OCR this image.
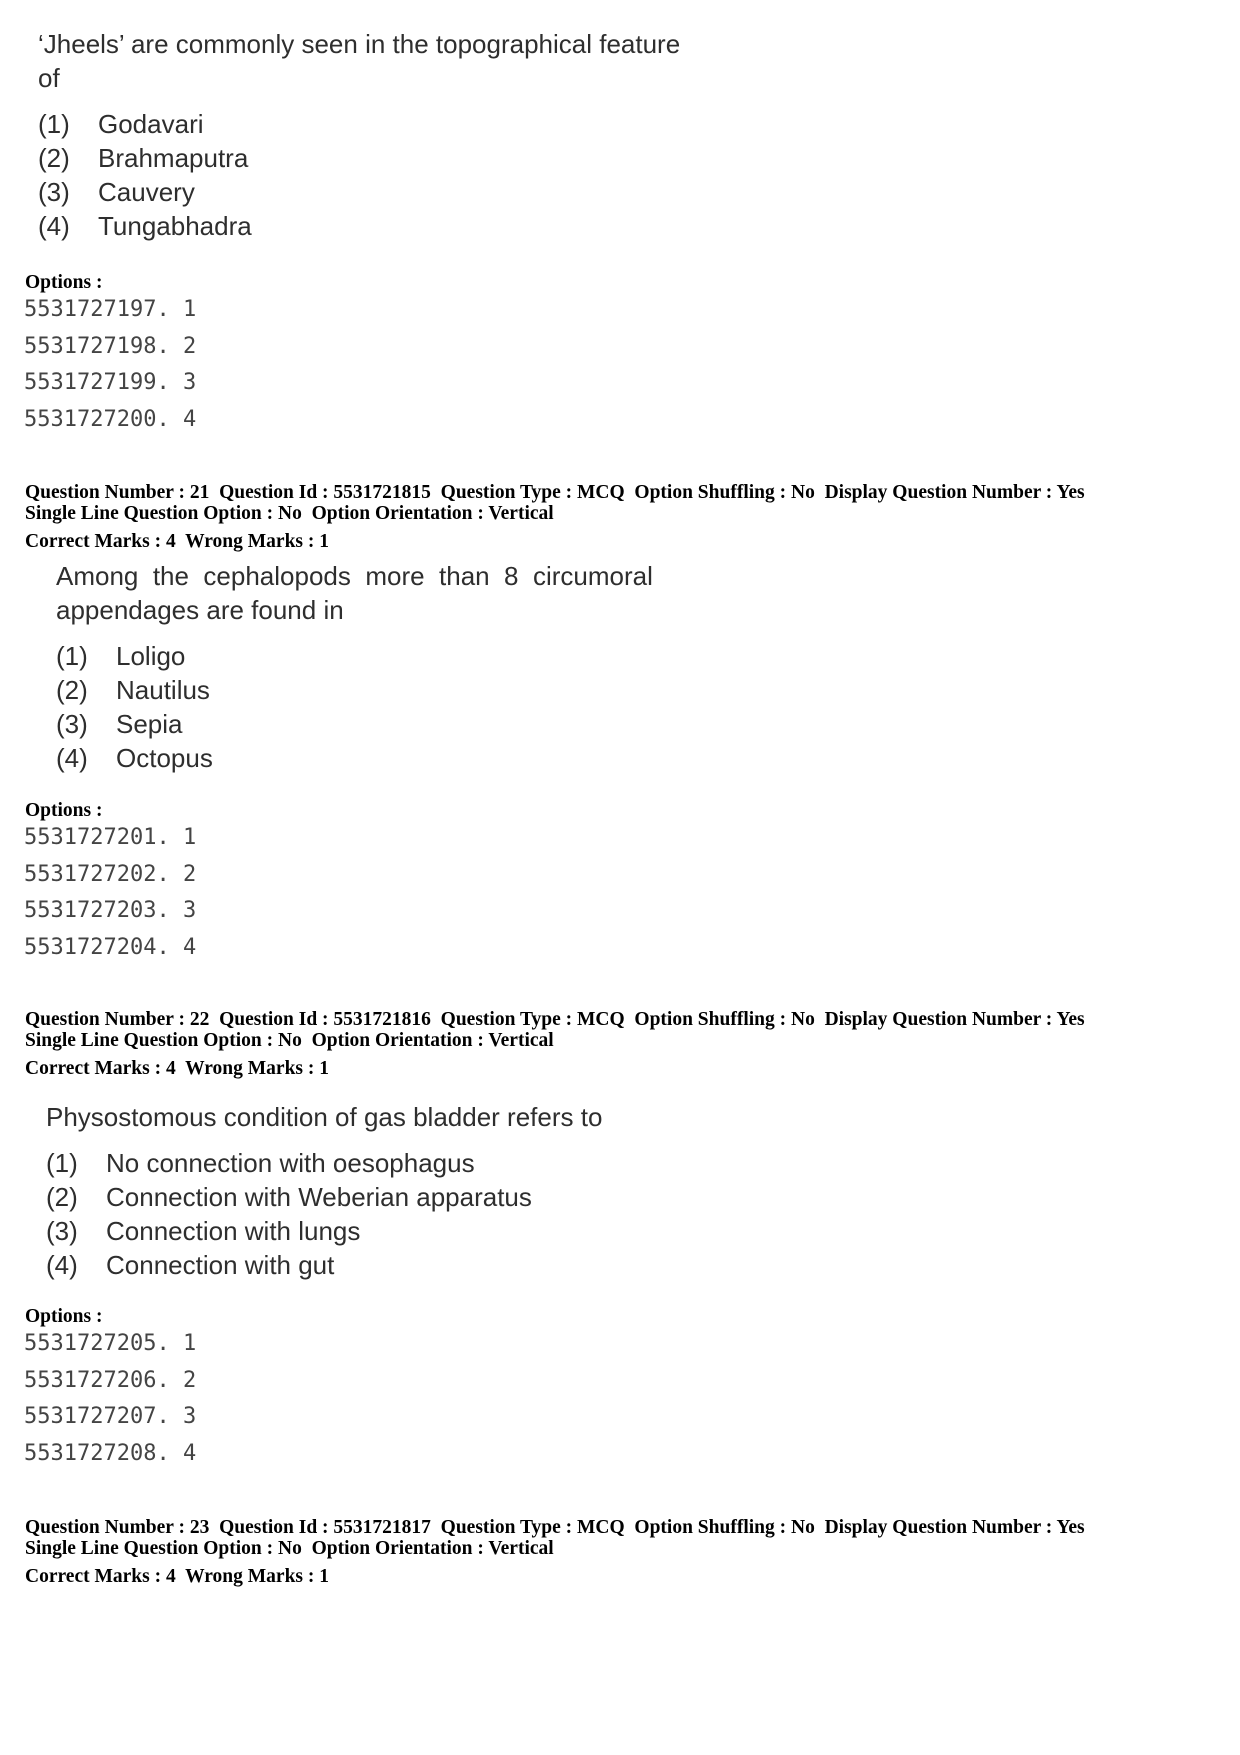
‘Jheels’ are commonly seen in the topographical feature
of
(1)	Godavari
(2)	Brahmaputra
(3)	Cauvery
(4)	Tungabhadra
Options :
5531727197. 1
5531727198. 2
5531727199. 3
5531727200. 4
Question Number : 21  Question Id : 5531721815  Question Type : MCQ  Option Shuffling : No  Display Question Number : Yes
Single Line Question Option : No  Option Orientation : Vertical
Correct Marks : 4  Wrong Marks : 1
Among  the  cephalopods  more  than  8  circumoral
appendages are found in
(1)	Loligo
(2)	Nautilus
(3)	Sepia
(4)	Octopus
Options :
5531727201. 1
5531727202. 2
5531727203. 3
5531727204. 4
Question Number : 22  Question Id : 5531721816  Question Type : MCQ  Option Shuffling : No  Display Question Number : Yes
Single Line Question Option : No  Option Orientation : Vertical
Correct Marks : 4  Wrong Marks : 1
Physostomous condition of gas bladder refers to
(1)	No connection with oesophagus
(2)	Connection with Weberian apparatus
(3)	Connection with lungs
(4)	Connection with gut
Options :
5531727205. 1
5531727206. 2
5531727207. 3
5531727208. 4
Question Number : 23  Question Id : 5531721817  Question Type : MCQ  Option Shuffling : No  Display Question Number : Yes
Single Line Question Option : No  Option Orientation : Vertical
Correct Marks : 4  Wrong Marks : 1
